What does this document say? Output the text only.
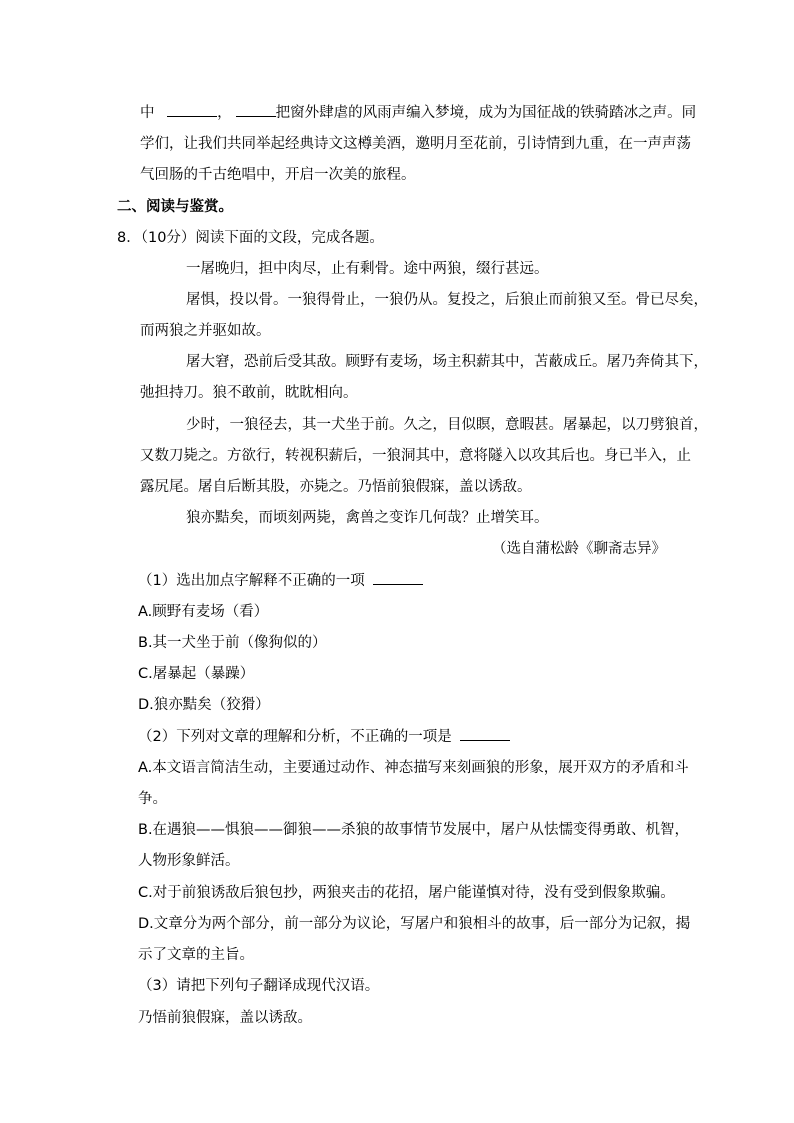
中	，	把窗外肆虐的风雨声编入梦境，成为为国征战的铁骑踏冰之声。同
学们，让我们共同举起经典诗文这樽美酒，邀明月至花前，引诗情到九重，在一声声荡
气回肠的千古绝唱中，开启一次美的旅程。
二、阅读与鉴赏。
8．（10分）阅读下面的文段，完成各题。
一屠晚归，担中肉尽，止有剩骨。途中两狼，缀行甚远。
屠惧，投以骨。一狼得骨止，一狼仍从。复投之，后狼止而前狼又至。骨已尽矣，
而两狼之并驱如故。
屠大窘，恐前后受其敌。顾野有麦场，场主积薪其中，苫蔽成丘。屠乃奔倚其下，
弛担持刀。狼不敢前，眈眈相向。
少时，一狼径去，其一犬坐于前。久之，目似瞑，意暇甚。屠暴起，以刀劈狼首，
又数刀毙之。方欲行，转视积薪后，一狼洞其中，意将隧入以攻其后也。身已半入，止
露尻尾。屠自后断其股，亦毙之。乃悟前狼假寐，盖以诱敌。
狼亦黠矣，而顷刻两毙，禽兽之变诈几何哉？止增笑耳。
（选自蒲松龄《聊斋志异》
（1）选出加点字解释不正确的一项
A.顾野有麦场（看）
B.其一犬坐于前（像狗似的）
C.屠暴起（暴躁）
D.狼亦黠矣（狡猾）
（2）下列对文章的理解和分析，不正确的一项是
A.本文语言简洁生动，主要通过动作、神态描写来刻画狼的形象，展开双方的矛盾和斗
争。
B.在遇狼——惧狼——御狼——杀狼的故事情节发展中，屠户从怯懦变得勇敢、机智，
人物形象鲜活。
C.对于前狼诱敌后狼包抄，两狼夹击的花招，屠户能谨慎对待，没有受到假象欺骗。
D.文章分为两个部分，前一部分为议论，写屠户和狼相斗的故事，后一部分为记叙，揭
示了文章的主旨。
（3）请把下列句子翻译成现代汉语。
乃悟前狼假寐，盖以诱敌。
